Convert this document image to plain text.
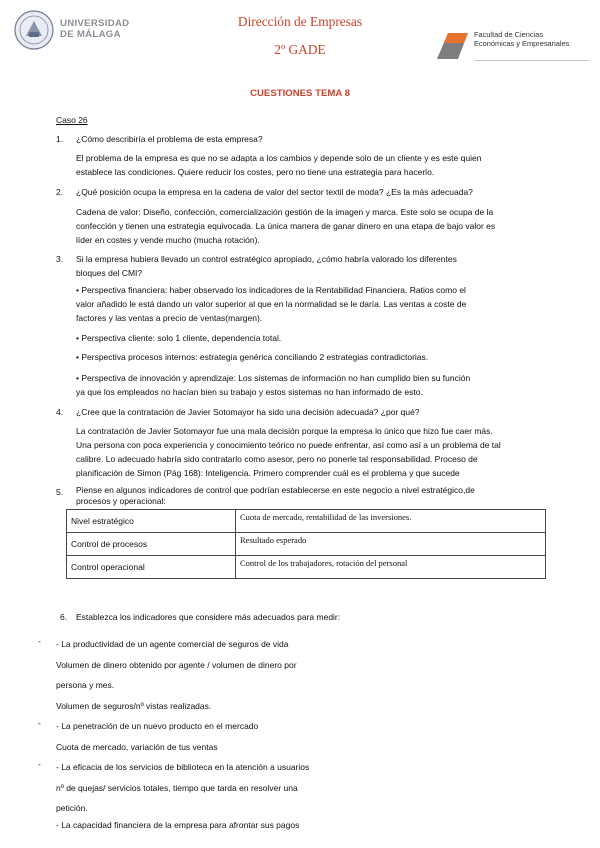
UNIVERSIDAD
DE MÁLAGA
Dirección de Empresas
2º GADE
Facultad de Ciencias
Económicas y Empresariales
CUESTIONES TEMA 8
Caso 26
1.	¿Cómo describiría el problema de esta empresa?
El problema de la empresa es que no se adapta a los cambios y depende solo de un cliente y es este quien
establece las condiciones. Quiere reducir los costes, pero no tiene una estrategia para hacerlo.
2.	¿Qué posición ocupa la empresa en la cadena de valor del sector textil de moda? ¿Es la más adecuada?
Cadena de valor: Diseño, confección, comercialización gestión de la imagen y marca. Este solo se ocupa de la
confección y tienen una estrategia equivocada. La única manera de ganar dinero en una etapa de bajo valor es
líder en costes y vende mucho (mucha rotación).
3.	Si la empresa hubiera llevado un control estratégico apropiado, ¿cómo habría valorado los diferentes
bloques del CMI?
• Perspectiva financiera: haber observado los indicadores de la Rentabilidad Financiera. Ratios como el
valor añadido le está dando un valor superior al que en la normalidad se le daría. Las ventas a coste de
factores y las ventas a precio de ventas(margen).
• Perspectiva cliente: solo 1 cliente, dependencia total.
• Perspectiva procesos internos: estrategia genérica conciliando 2 estrategias contradictorias.
• Perspectiva de innovación y aprendizaje: Los sistemas de información no han cumplido bien su función
ya que los empleados no hacían bien su trabajo y estos sistemas no han informado de esto.
4.	¿Cree que la contratación de Javier Sotomayor ha sido una decisión adecuada? ¿por qué?
La contratación de Javier Sotomayor fue una mala decisión porque la empresa lo único que hizo fue caer más.
Una persona con poca experiencia y conocimiento teórico no puede enfrentar, así como así a un problema de tal
calibre. Lo adecuado habría sido contratarlo como asesor, pero no ponerle tal responsabilidad. Proceso de
planificación de Simon (Pág 168): Inteligencia. Primero comprender cuál es el problema y que sucede
5.	Piense en algunos indicadores de control que podrían establecerse en este negocio a nivel estratégico,de
procesos y operacional:
Nivel estratégico	Cuota de mercado, rentabilidad de las inversiones.
Control de procesos	Resultado esperado
Control operacional	Control de los trabajadores, rotación del personal
6.	Establezca los indicadores que considere más adecuados para medir:
-	- La productividad de un agente comercial de seguros de vida
Volumen de dinero obtenido por agente / volumen de dinero por
persona y mes.
Volumen de seguros/nº vistas realizadas.
-	- La penetración de un nuevo producto en el mercado
Cuota de mercado, variación de tus ventas
-	- La eficacia de los servicios de biblioteca en la atención a usuarios
nº de quejas/ servicios totales, tiempo que tarda en resolver una
petición.
- La capacidad financiera de la empresa para afrontar sus pagos
